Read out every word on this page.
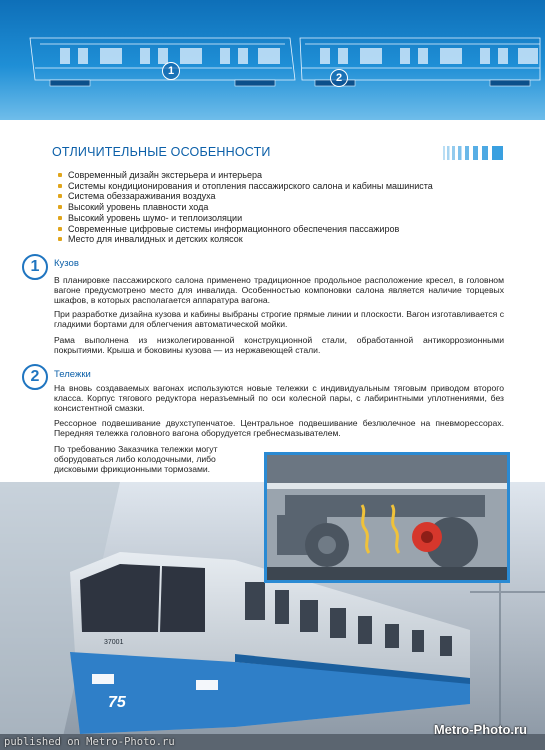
1
2
ОТЛИЧИТЕЛЬНЫЕ ОСОБЕННОСТИ
Современный дизайн экстерьера и интерьера
Системы кондиционирования и отопления пассажирского салона и кабины машиниста
Система обеззараживания воздуха
Высокий уровень плавности хода
Высокий уровень шумо- и теплоизоляции
Современные цифровые системы информационного обеспечения пассажиров
Место для инвалидных и детских колясок
1	Кузов

В планировке пассажирского салона применено традиционное продольное расположение кресел, в головном вагоне предусмотрено место для инвалида. Особенностью компоновки салона является наличие торцевых шкафов, в которых располагается аппаратура вагона.

При разработке дизайна кузова и кабины выбраны строгие прямые линии и плоскости. Вагон изготавливается с гладкими бортами для облегчения автоматической мойки.

Рама выполнена из низколегированной конструкционной стали, обработанной антикоррозионными покрытиями. Крыша и боковины кузова — из нержавеющей стали.

2	Тележки

На вновь создаваемых вагонах используются новые тележки с индивидуальным тяговым приводом второго класса. Корпус тягового редуктора неразъемный по оси колесной пары, с лабиринтными уплотнениями, без консистентной смазки.

Рессорное подвешивание двухступенчатое. Центральное подвешивание безлюлечное на пневморессорах. Передняя тележка головного вагона оборудуется гребнесмазывателем.

По требованию Заказчика тележки могут оборудоваться либо колодочными, либо дисковыми фрикционными тормозами.

75
37001
Metro-Photo.ru
published on Metro-Photo.ru
